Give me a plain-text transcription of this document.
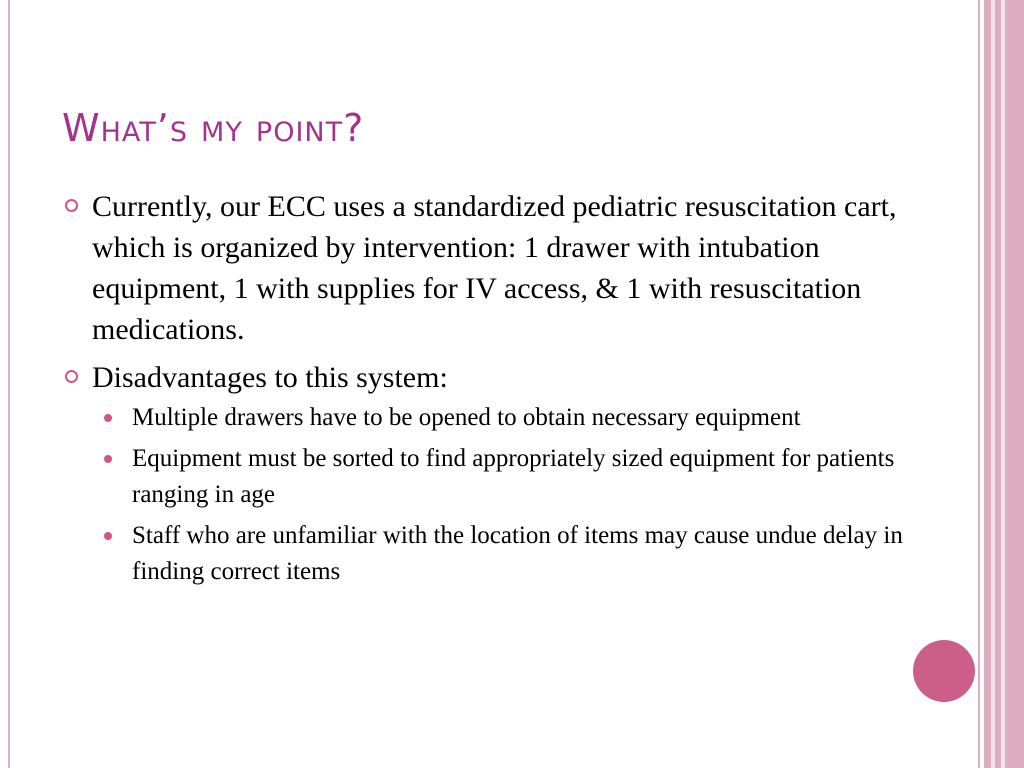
What’s my point?
Currently, our ECC uses a standardized pediatric resuscitation cart, which is organized by intervention: 1 drawer with intubation equipment, 1 with supplies for IV access, & 1 with resuscitation medications.
Disadvantages to this system:
Multiple drawers have to be opened to obtain necessary equipment
Equipment must be sorted to find appropriately sized equipment for patients ranging in age
Staff who are unfamiliar with the location of items may cause undue delay in finding correct items
